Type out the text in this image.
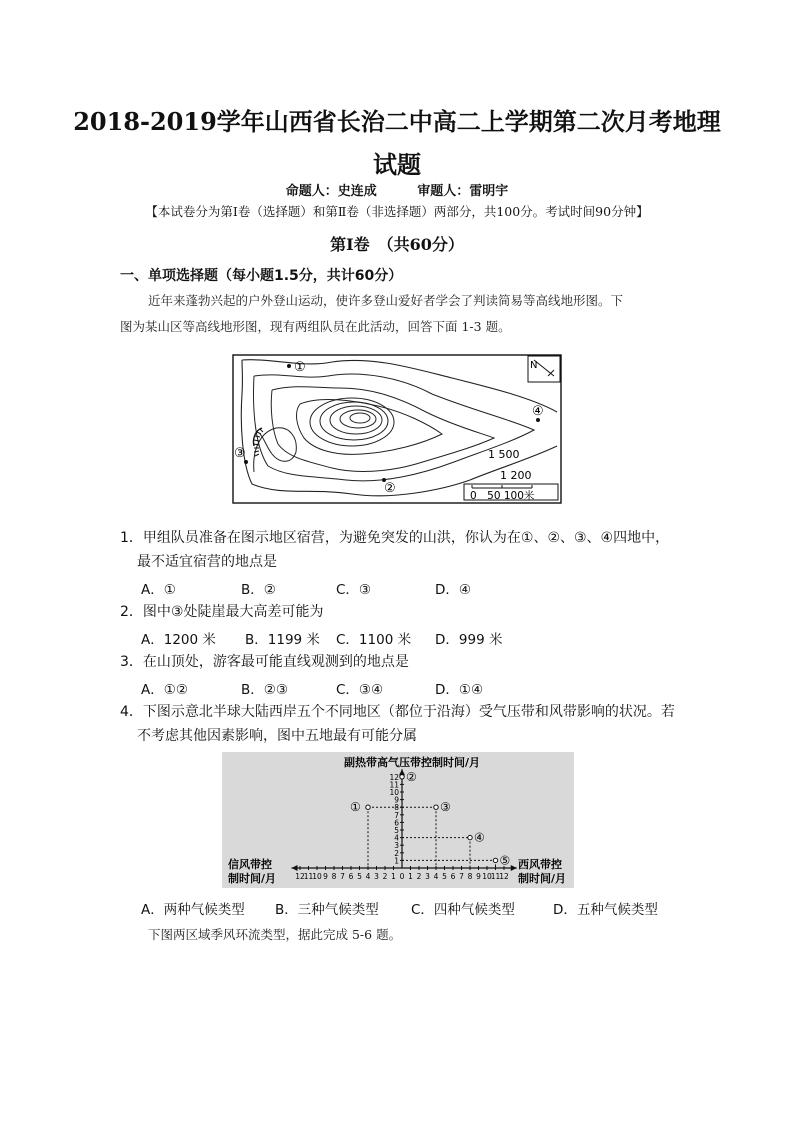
2018-2019学年山西省长治二中高二上学期第二次月考地理
试题
命题人：史连成	审题人：雷明宇
【本试卷分为第Ⅰ卷（选择题）和第Ⅱ卷（非选择题）两部分，共100分。考试时间90分钟】
第Ⅰ卷　（共60分）
一、单项选择题（每小题1.5分，共计60分）
近年来蓬勃兴起的户外登山运动，使许多登山爱好者学会了判读简易等高线地形图。下
图为某山区等高线地形图，现有两组队员在此活动，回答下面 1-3 题。
N
①
③
②
④
1 500
1 200
0　50 100米
1．甲组队员准备在图示地区宿营，为避免突发的山洪，你认为在①、②、③、④四地中，
最不适宜宿营的地点是
A．①	B．②	C．③	D．④
2．图中③处陡崖最大高差可能为
A．1200 米 B．1199 米 C．1100 米 D．999 米
3．在山顶处，游客最可能直线观测到的地点是
A．①②	B．②③	C．③④	D．①④
4．下图示意北半球大陆西岸五个不同地区（都位于沿海）受气压带和风带影响的状况。若
不考虑其他因素影响，图中五地最有可能分属
副热带高气压带控制时间/月
信风带控
制时间/月
西风带控
制时间/月
1
2
3
4
5
6
7
8
9
10
11
12
12
11
10 9 8 7 6 5 4 3 2 1 1 2 3 4 5 6 7 8 9 10
11
12
0
①
②
③
④
⑤
A．两种气候类型 B．三种气候类型 C．四种气候类型	D．五种气候类型
下图两区域季风环流类型，据此完成 5-6 题。
